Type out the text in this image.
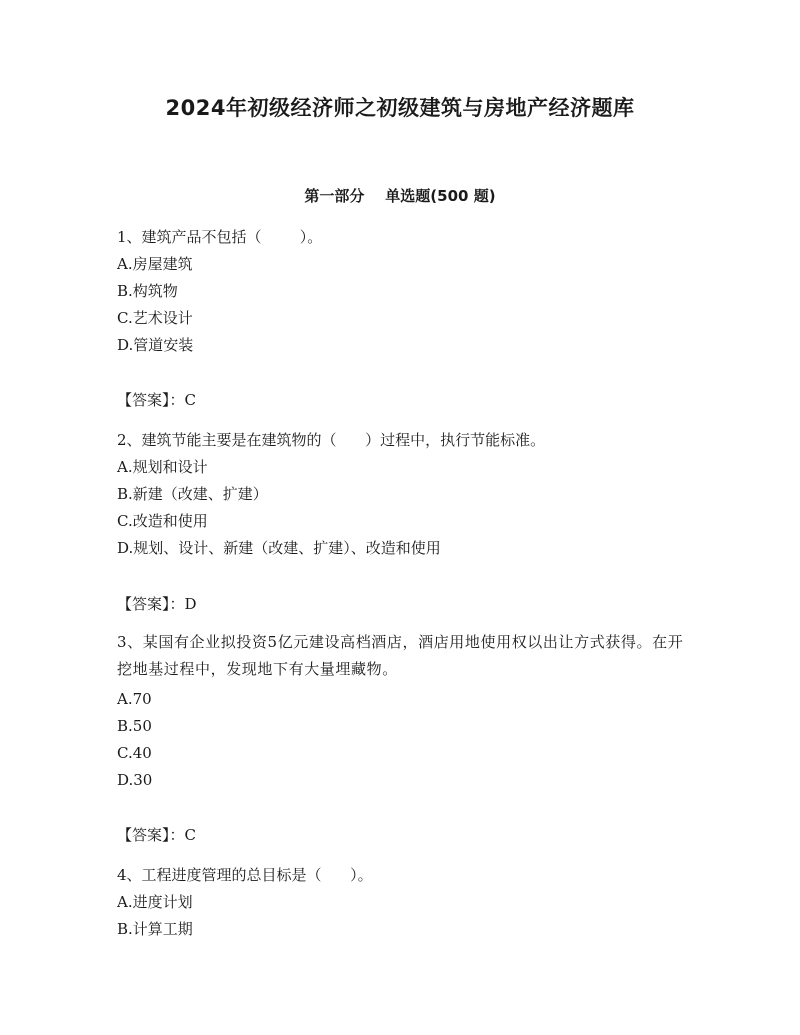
2024年初级经济师之初级建筑与房地产经济题库
第一部分    单选题(500 题)

1、建筑产品不包括（        ）。

A.房屋建筑

B.构筑物

C.艺术设计

D.管道安装

【答案】：C

2、建筑节能主要是在建筑物的（      ）过程中，执行节能标准。

A.规划和设计

B.新建（改建、扩建）

C.改造和使用

D.规划、设计、新建（改建、扩建）、改造和使用

【答案】：D

3、某国有企业拟投资5亿元建设高档酒店，酒店用地使用权以出让方式获得。在开挖地基过程中，发现地下有大量埋藏物。

A.70

B.50

C.40

D.30

【答案】：C

4、工程进度管理的总目标是（      ）。

A.进度计划

B.计算工期
